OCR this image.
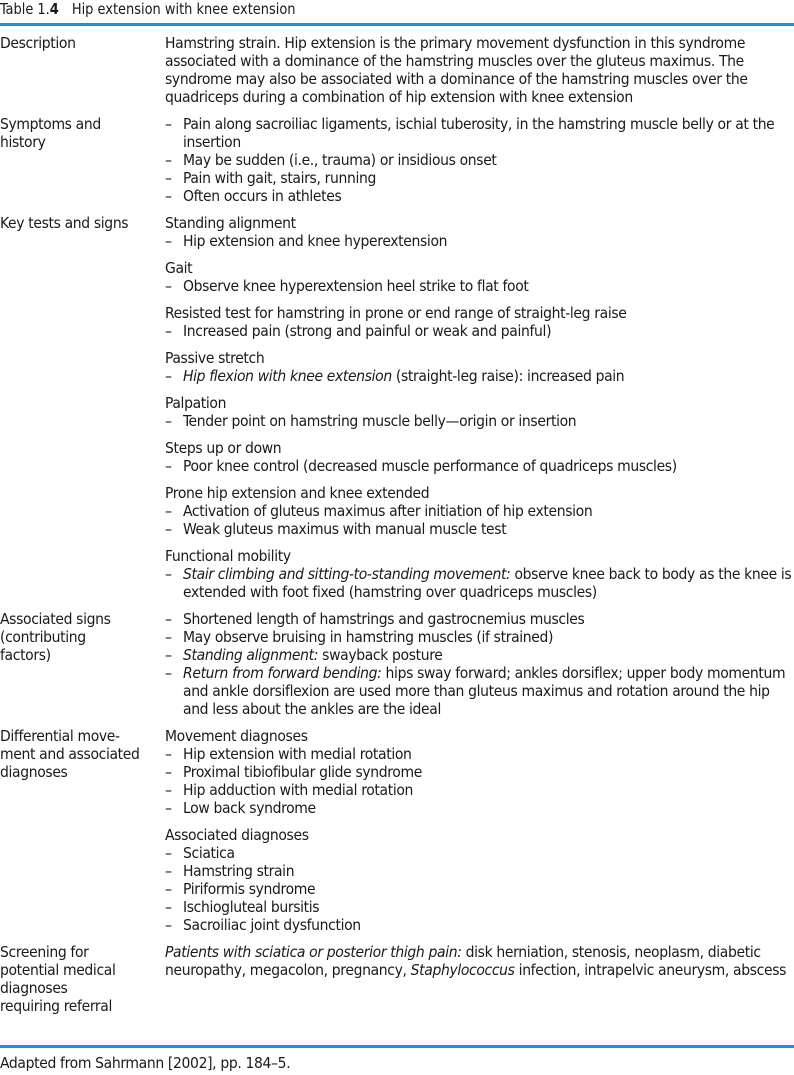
Table 1.4 Hip extension with knee extension
Description	Hamstring strain. Hip extension is the primary movement dysfunction in this syndrome associated with a dominance of the hamstring muscles over the gluteus maximus. The syndrome may also be associated with a dominance of the hamstring muscles over the quadriceps during a combination of hip extension with knee extension

Symptoms and
history
– Pain along sacroiliac ligaments, ischial tuberosity, in the hamstring muscle belly or at the insertion
– May be sudden (i.e., trauma) or insidious onset
– Pain with gait, stairs, running
– Often occurs in athletes
Key tests and signs	Standing alignment
– Hip extension and knee hyperextension
Gait
– Observe knee hyperextension heel strike to flat foot
Resisted test for hamstring in prone or end range of straight-leg raise
– Increased pain (strong and painful or weak and painful)
Passive stretch
– Hip flexion with knee extension (straight-leg raise): increased pain
Palpation
– Tender point on hamstring muscle belly—origin or insertion
Steps up or down
– Poor knee control (decreased muscle performance of quadriceps muscles)
Prone hip extension and knee extended
– Activation of gluteus maximus after initiation of hip extension
– Weak gluteus maximus with manual muscle test
Functional mobility
– Stair climbing and sitting-to-standing movement: observe knee back to body as the knee is extended with foot fixed (hamstring over quadriceps muscles)
Associated signs
(contributing
factors)
– Shortened length of hamstrings and gastrocnemius muscles
– May observe bruising in hamstring muscles (if strained)
– Standing alignment: swayback posture
– Return from forward bending: hips sway forward; ankles dorsiflex; upper body momentum and ankle dorsiflexion are used more than gluteus maximus and rotation around the hip and less about the ankles are the ideal
Differential move-
ment and associated
diagnoses
Movement diagnoses
– Hip extension with medial rotation
– Proximal tibiofibular glide syndrome
– Hip adduction with medial rotation
– Low back syndrome
Associated diagnoses
– Sciatica
– Hamstring strain
– Piriformis syndrome
– Ischiogluteal bursitis
– Sacroiliac joint dysfunction
Screening for
potential medical
diagnoses
requiring referral

Patients with sciatica or posterior thigh pain: disk herniation, stenosis, neoplasm, diabetic neuropathy, megacolon, pregnancy, Staphylococcus infection, intrapelvic aneurysm, abscess

Adapted from Sahrmann [2002], pp. 184–5.
